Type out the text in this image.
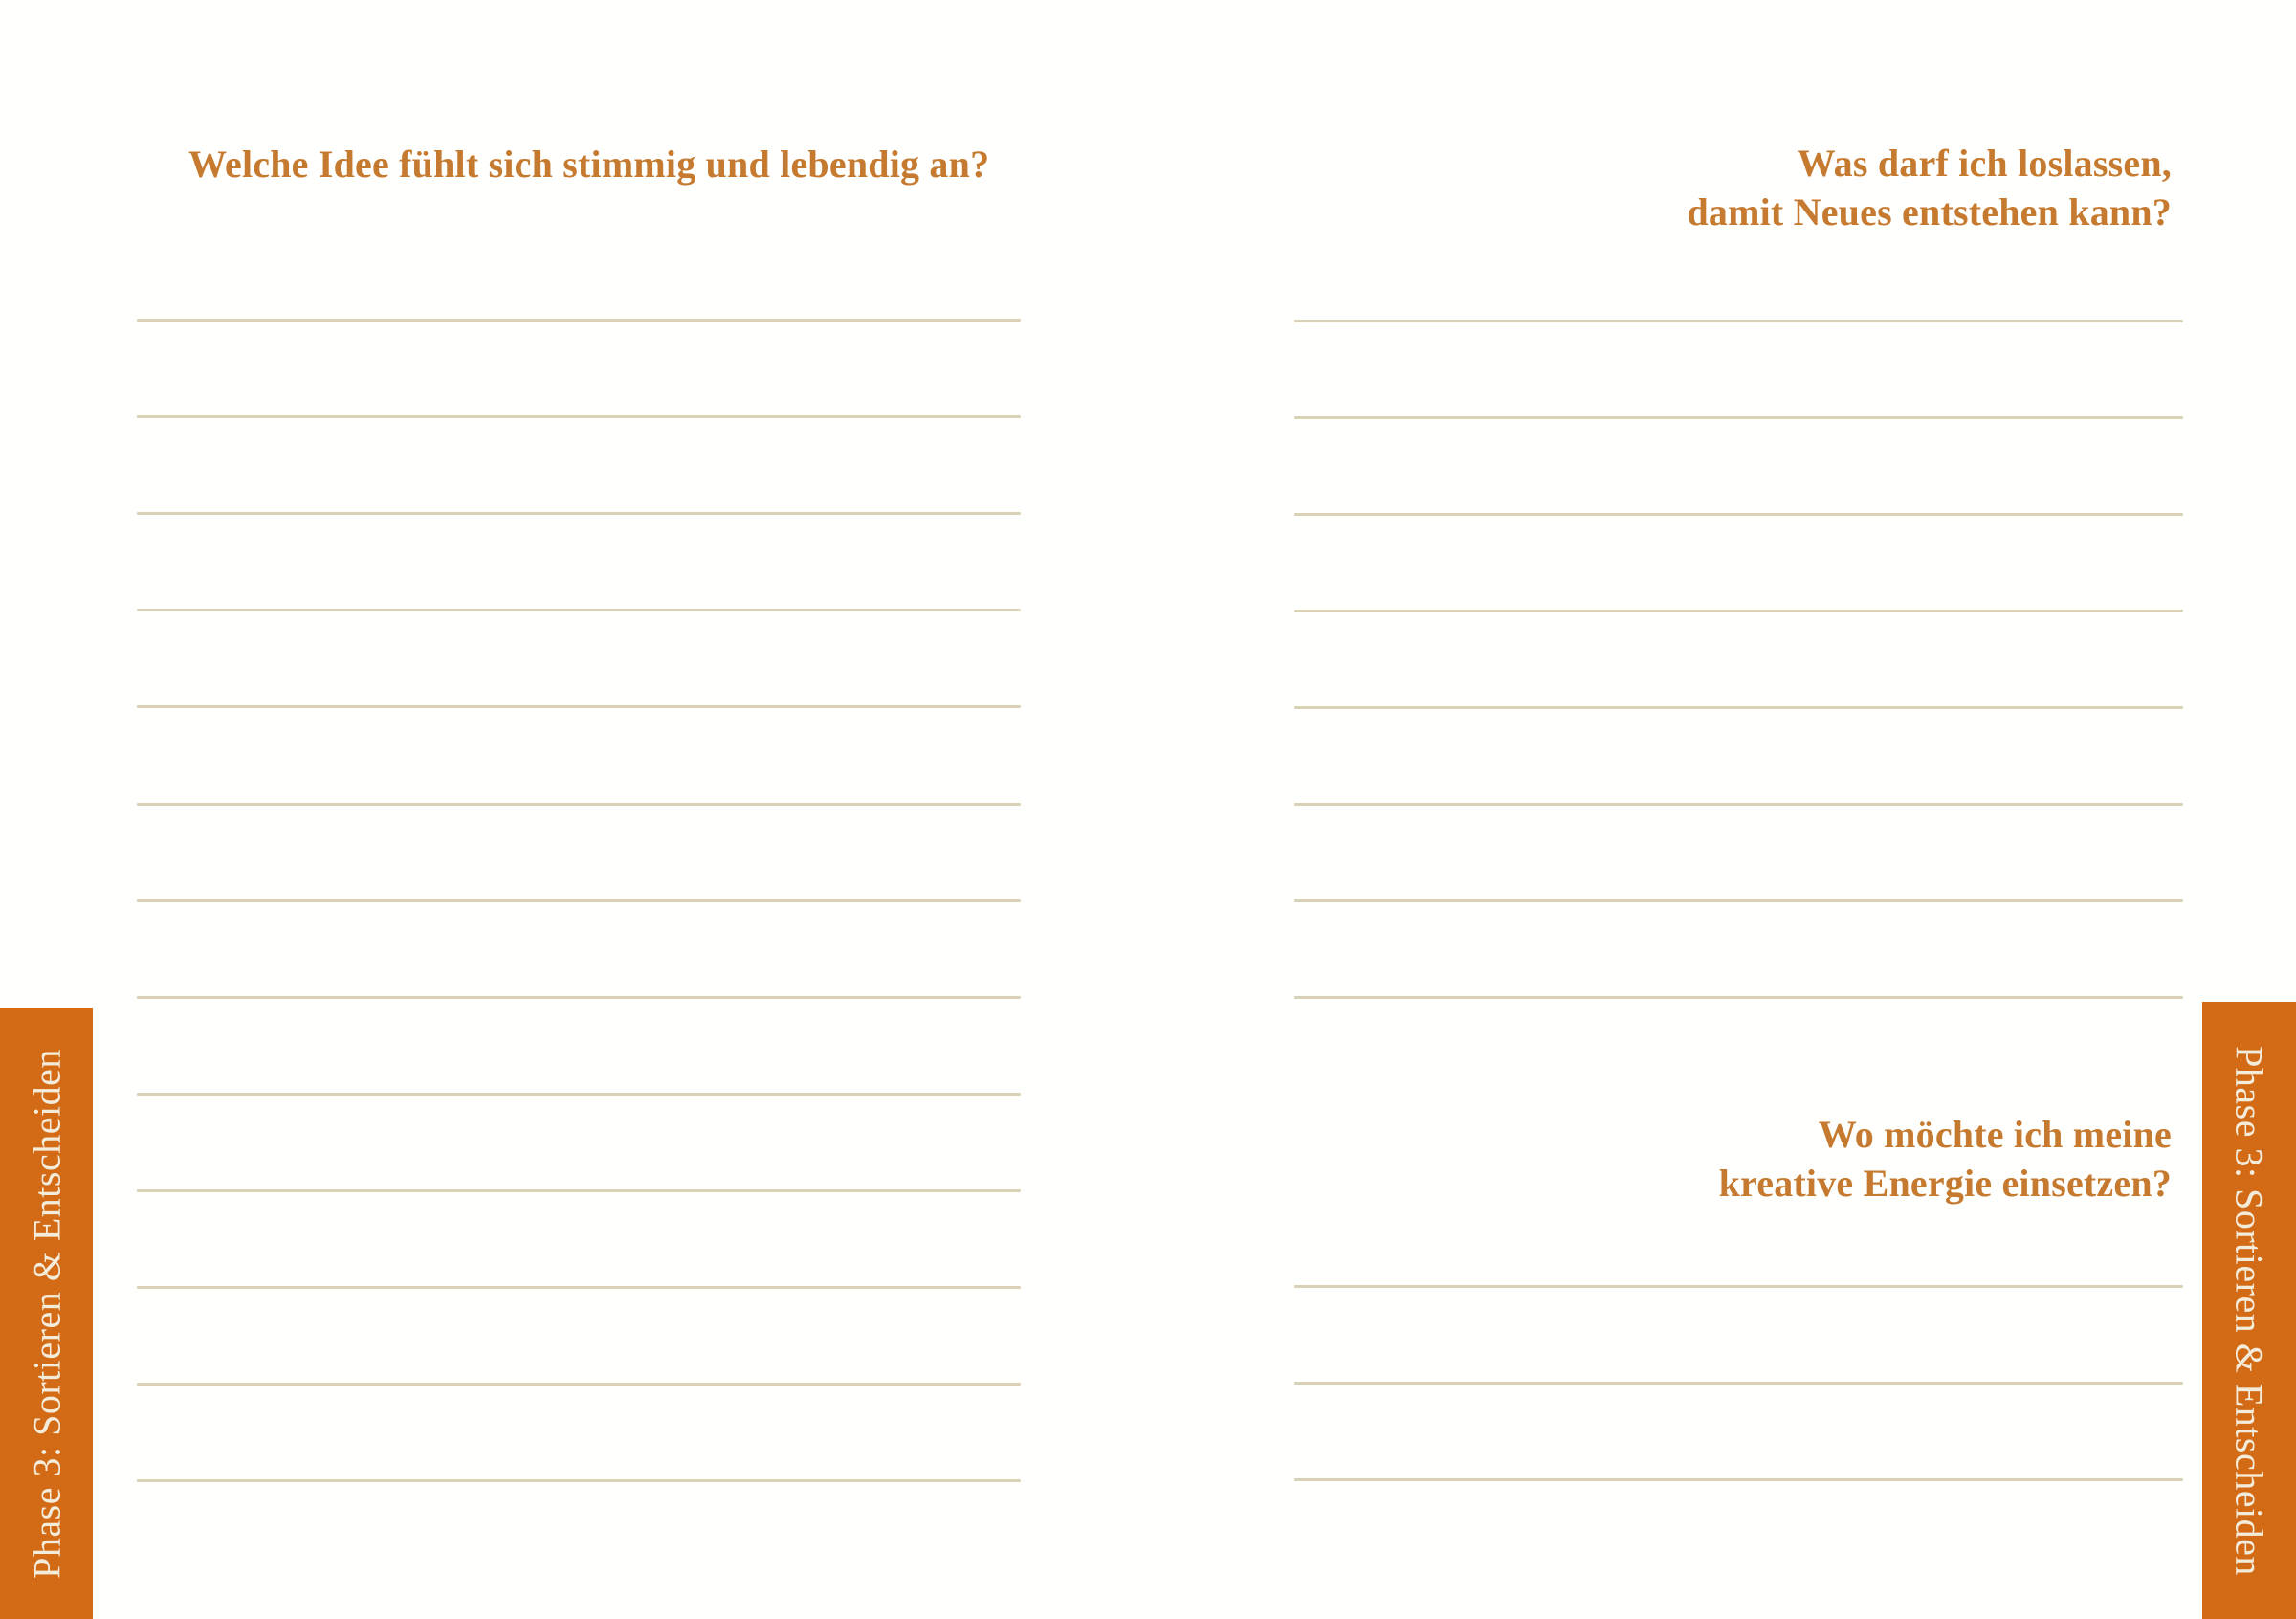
Welche Idee fühlt sich stimmig und lebendig an?	Was darf ich loslassen,
damit Neues entstehen kann?
Wo möchte ich meine
kreative Energie einsetzen?
Phase 3: Sortieren & Entscheiden	Phase 3: Sortieren & Entscheiden
